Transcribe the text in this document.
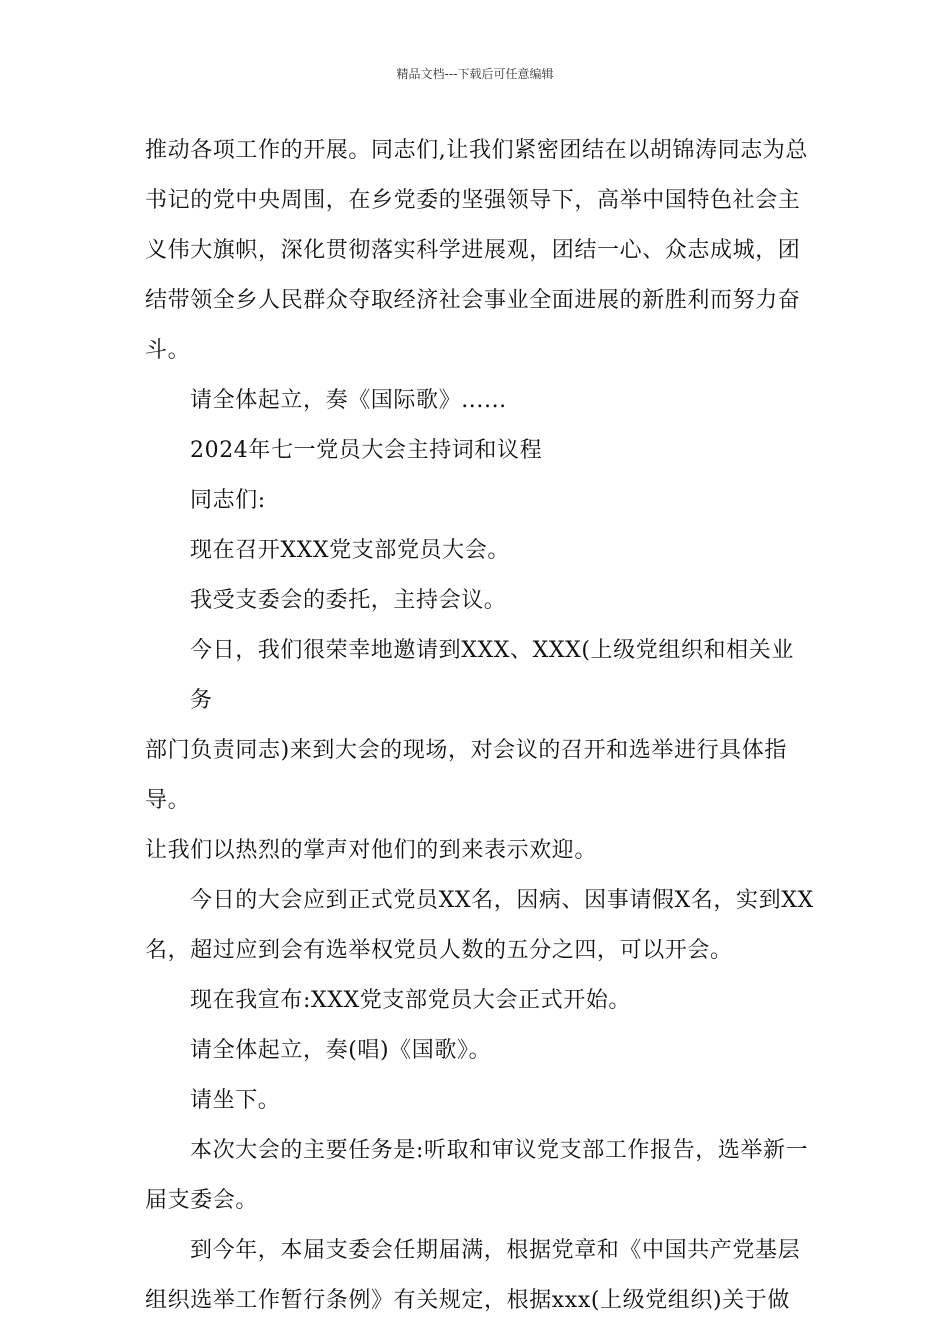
精品文档---下载后可任意编辑

推动各项工作的开展。同志们,让我们紧密团结在以胡锦涛同志为总
书记的党中央周围，在乡党委的坚强领导下，高举中国特色社会主
义伟大旗帜，深化贯彻落实科学进展观，团结一心、众志成城，团
结带领全乡人民群众夺取经济社会事业全面进展的新胜利而努力奋
斗。

请全体起立，奏《国际歌》......

2024年七一党员大会主持词和议程

同志们:

现在召开XXX党支部党员大会。

我受支委会的委托，主持会议。

今日，我们很荣幸地邀请到XXX、XXX(上级党组织和相关业务
部门负责同志)来到大会的现场，对会议的召开和选举进行具体指导。
让我们以热烈的掌声对他们的到来表示欢迎。

今日的大会应到正式党员XX名，因病、因事请假X名，实到XX
名，超过应到会有选举权党员人数的五分之四，可以开会。

现在我宣布:XXX党支部党员大会正式开始。

请全体起立，奏(唱)《国歌》。

请坐下。

本次大会的主要任务是:听取和审议党支部工作报告，选举新一
届支委会。

到今年，本届支委会任期届满，根据党章和《中国共产党基层
组织选举工作暂行条例》有关规定，根据xxx(上级党组织)关于做
